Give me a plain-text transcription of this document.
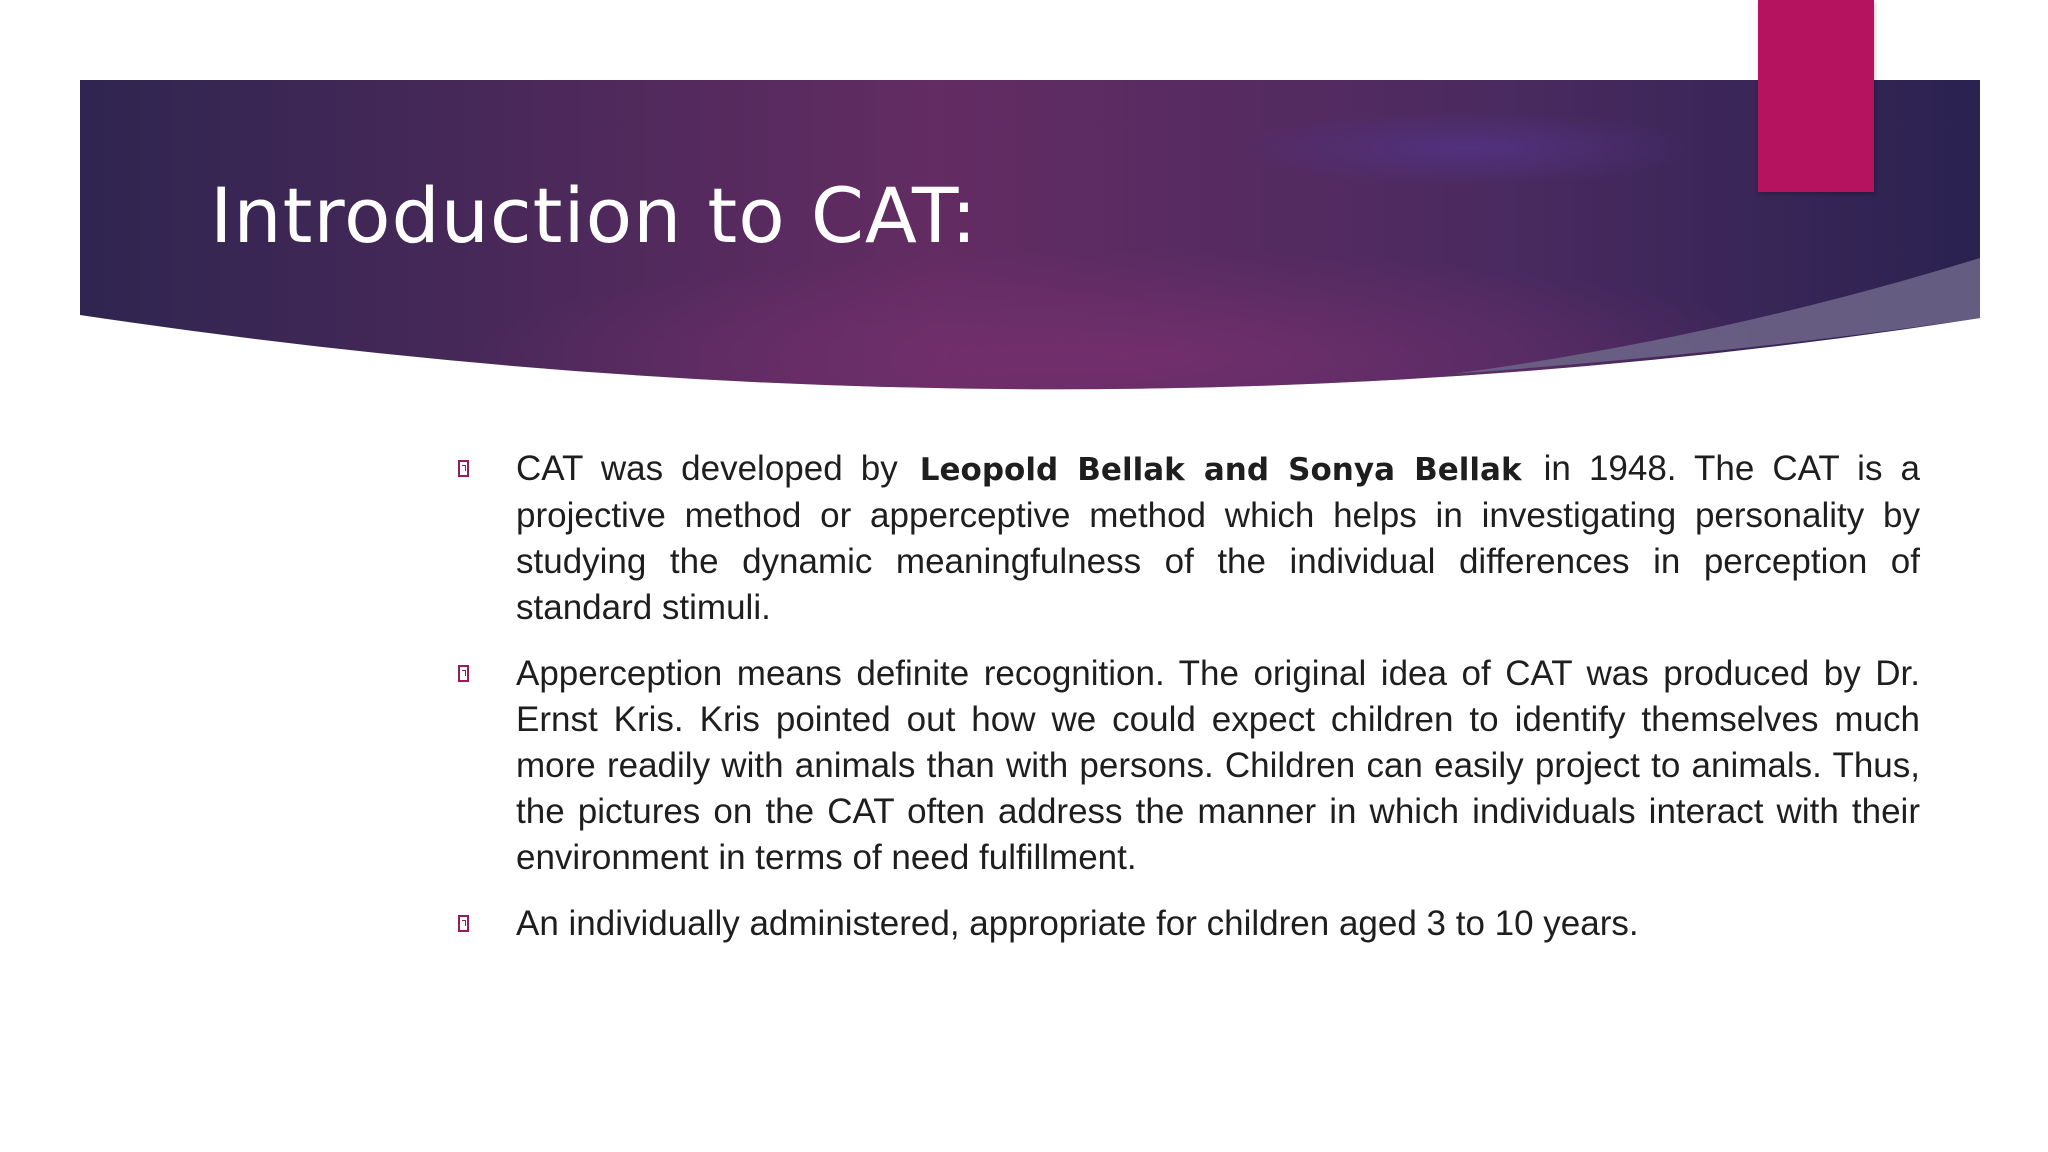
Introduction to CAT:
CAT was developed by Leopold Bellak and Sonya Bellak in 1948. The CAT is a projective method or apperceptive method which helps in investigating personality by studying the dynamic meaningfulness of the individual differences in perception of standard stimuli.
Apperception means definite recognition. The original idea of CAT was produced by Dr. Ernst Kris. Kris pointed out how we could expect children to identify themselves much more readily with animals than with persons. Children can easily project to animals. Thus, the pictures on the CAT often address the manner in which individuals interact with their environment in terms of need fulfillment.
An individually administered, appropriate for children aged 3 to 10 years.
